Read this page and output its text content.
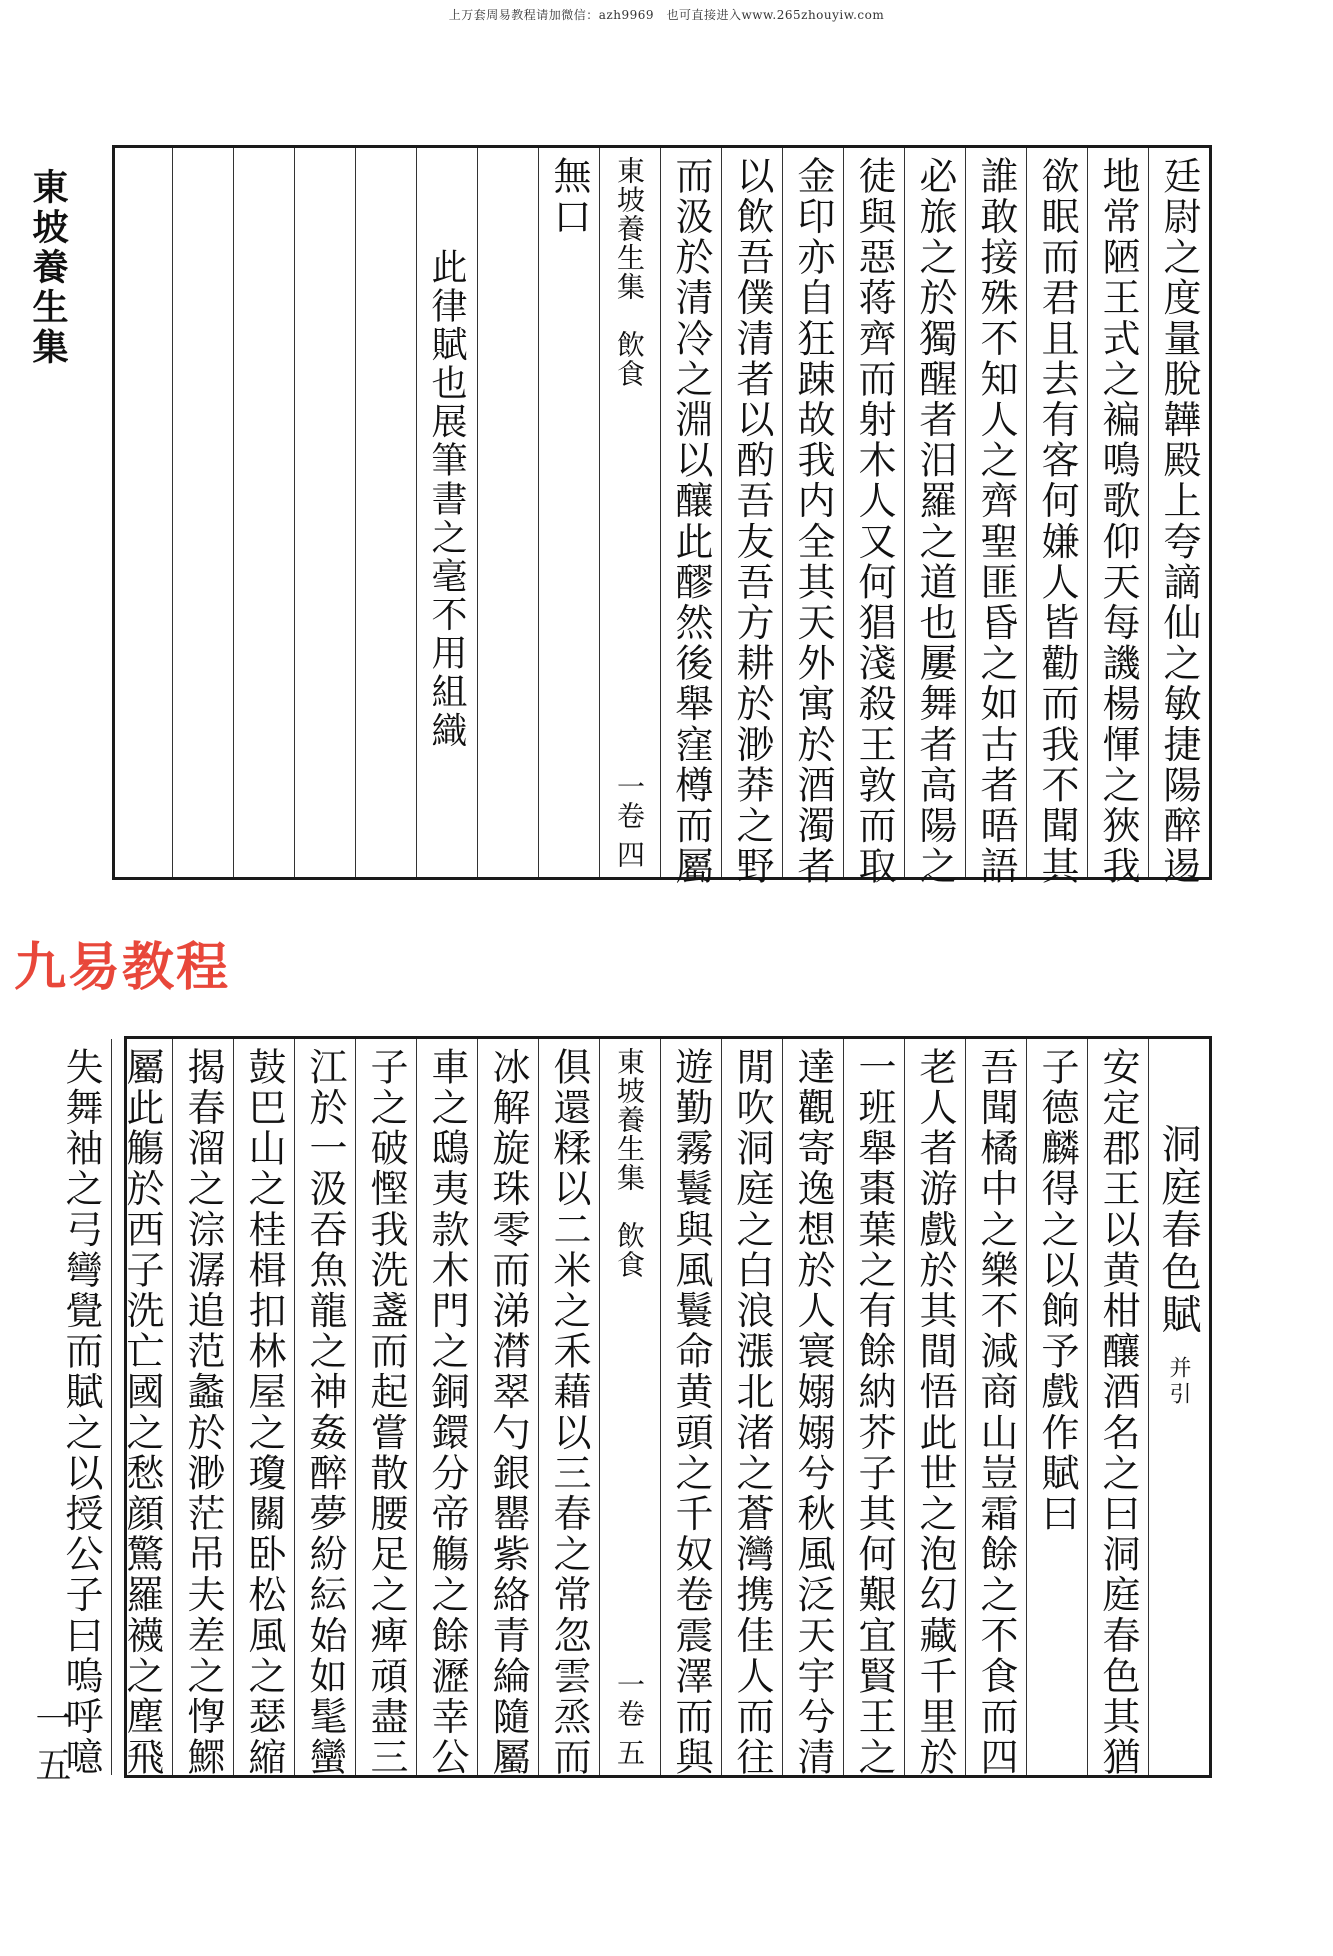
上万套周易教程请加微信：azh9969　也可直接进入www.265zhouyiw.com
東坡養生集
九易教程
一五
廷尉之度量脫韡殿上夸謫仙之敏捷陽醉逷
地常陋王式之褊鳴歌仰天每譏楊惲之狹我
欲眠而君且去有客何嫌人皆勸而我不聞其
誰敢接殊不知人之齊聖匪昏之如古者晤語
必旅之於獨醒者汨羅之道也屢舞者高陽之
徒與惡蒋齊而射木人又何猖淺殺王敦而取
金印亦自狂踈故我内全其天外寓於酒濁者
以飲吾僕清者以酌吾友吾方耕於渺莽之野
而汲於清冷之淵以釀此醪然後舉窪樽而屬
東坡養生集　飲食
一卷 四
無口
此律賦也展筆書之毫不用組織
洞庭春色賦并引
安定郡王以黄柑釀酒名之曰洞庭春色其猶
子德麟得之以餉予戲作賦曰
吾聞橘中之樂不減商山豈霜餘之不食而四
老人者游戲於其間悟此世之泡幻藏千里於
一班舉棗葉之有餘納芥子其何艱宜賢王之
達觀寄逸想於人寰嫋嫋兮秋風泛天宇兮清
閒吹洞庭之白浪漲北渚之蒼灣携佳人而往
遊勤霧鬟與風鬟命黄頭之千奴卷震澤而與
東坡養生集　飲食
一卷 五
俱還糅以二米之禾藉以三春之常忽雲烝而
冰解旋珠零而涕潸翠勺銀罌紫絡青綸隨屬
車之鴟夷款木門之銅鐶分帝觴之餘瀝幸公
子之破慳我洗盞而起嘗散腰足之痺頑盡三
江於一汲吞魚龍之神姦醉夢紛紜始如髦蠻
鼓巴山之桂楫扣林屋之瓊關卧松風之瑟縮
揭春溜之淙潺追范蠡於渺茫吊夫差之惸鰥
屬此觴於西子洗亡國之愁顔驚羅襪之塵飛
失舞袖之弓彎覺而賦之以授公子曰嗚呼噫
